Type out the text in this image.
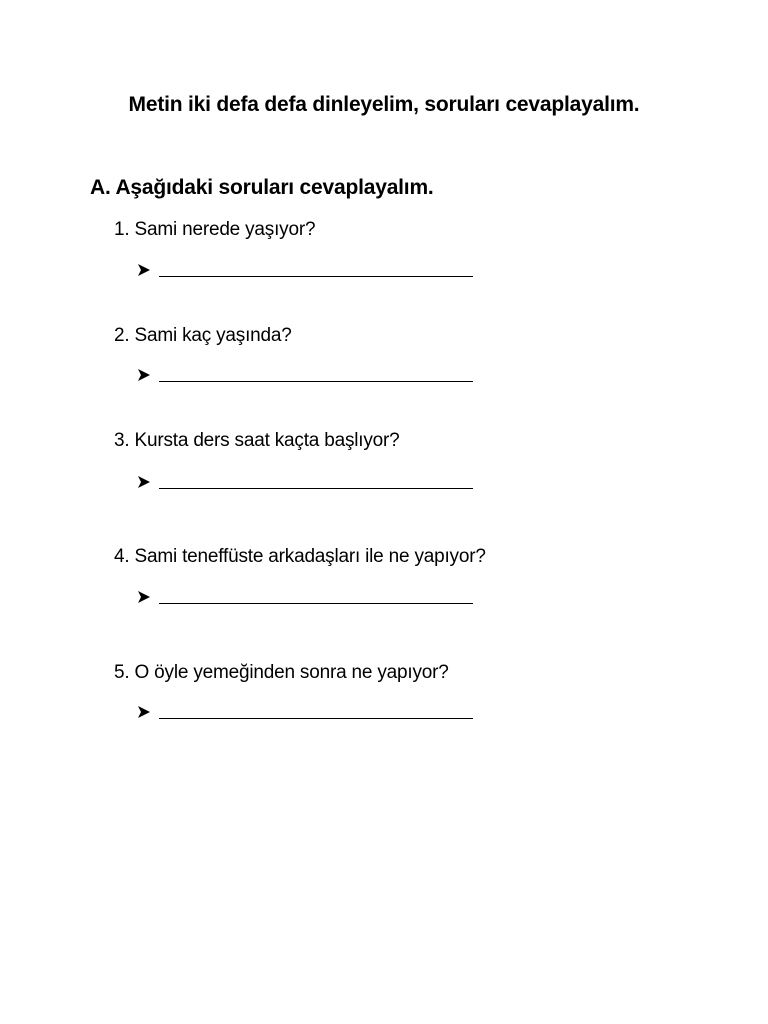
Metin iki defa defa dinleyelim, soruları cevaplayalım.
A. Aşağıdaki soruları cevaplayalım.
1. Sami nerede yaşıyor?
2. Sami kaç yaşında?
3. Kursta ders saat kaçta başlıyor?
4. Sami teneffüste arkadaşları ile ne yapıyor?
5. O öyle yemeğinden sonra ne yapıyor?
